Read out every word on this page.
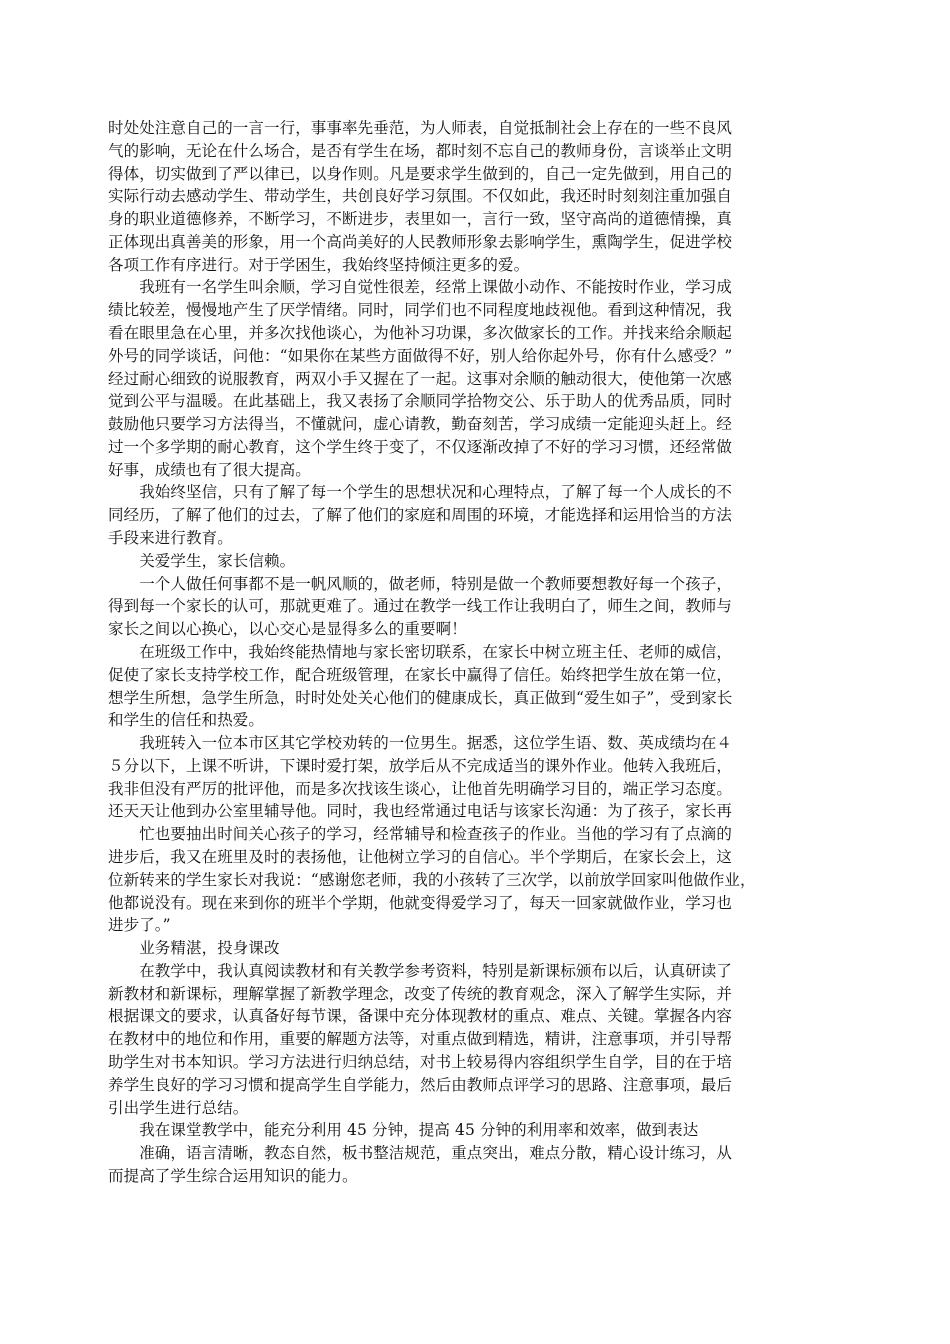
时处处注意自己的一言一行，事事率先垂范，为人师表，自觉抵制社会上存在的一些不良风
气的影响，无论在什么场合，是否有学生在场，都时刻不忘自己的教师身份，言谈举止文明
得体，切实做到了严以律已，以身作则。凡是要求学生做到的，自己一定先做到，用自己的
实际行动去感动学生、带动学生，共创良好学习氛围。不仅如此，我还时时刻刻注重加强自
身的职业道德修养，不断学习，不断进步，表里如一，言行一致，坚守高尚的道德情操，真
正体现出真善美的形象，用一个高尚美好的人民教师形象去影响学生，熏陶学生，促进学校
各项工作有序进行。对于学困生，我始终坚持倾注更多的爱。
　　我班有一名学生叫余顺，学习自觉性很差，经常上课做小动作、不能按时作业，学习成
绩比较差，慢慢地产生了厌学情绪。同时，同学们也不同程度地歧视他。看到这种情况，我
看在眼里急在心里，并多次找他谈心，为他补习功课，多次做家长的工作。并找来给余顺起
外号的同学谈话，问他：“如果你在某些方面做得不好，别人给你起外号，你有什么感受？”
经过耐心细致的说服教育，两双小手又握在了一起。这事对余顺的触动很大，使他第一次感
觉到公平与温暖。在此基础上，我又表扬了余顺同学拾物交公、乐于助人的优秀品质，同时
鼓励他只要学习方法得当，不懂就问，虚心请教，勤奋刻苦，学习成绩一定能迎头赶上。经
过一个多学期的耐心教育，这个学生终于变了，不仅逐渐改掉了不好的学习习惯，还经常做
好事，成绩也有了很大提高。
　　我始终坚信，只有了解了每一个学生的思想状况和心理特点，了解了每一个人成长的不
同经历，了解了他们的过去，了解了他们的家庭和周围的环境，才能选择和运用恰当的方法
手段来进行教育。
　　关爱学生，家长信赖。
　　一个人做任何事都不是一帆风顺的，做老师，特别是做一个教师要想教好每一个孩子，
得到每一个家长的认可，那就更难了。通过在教学一线工作让我明白了，师生之间，教师与
家长之间以心换心，以心交心是显得多么的重要啊！
　　在班级工作中，我始终能热情地与家长密切联系，在家长中树立班主任、老师的威信，
促使了家长支持学校工作，配合班级管理，在家长中赢得了信任。始终把学生放在第一位，
想学生所想，急学生所急，时时处处关心他们的健康成长，真正做到“爱生如子”，受到家长
和学生的信任和热爱。
　　我班转入一位本市区其它学校劝转的一位男生。据悉，这位学生语、数、英成绩均在４
５分以下，上课不听讲，下课时爱打架，放学后从不完成适当的课外作业。他转入我班后，
我非但没有严厉的批评他，而是多次找该生谈心，让他首先明确学习目的，端正学习态度。
还天天让他到办公室里辅导他。同时，我也经常通过电话与该家长沟通：为了孩子，家长再
　　忙也要抽出时间关心孩子的学习，经常辅导和检查孩子的作业。当他的学习有了点滴的
进步后，我又在班里及时的表扬他，让他树立学习的自信心。半个学期后，在家长会上，这
位新转来的学生家长对我说：“感谢您老师，我的小孩转了三次学，以前放学回家叫他做作业，
他都说没有。现在来到你的班半个学期，他就变得爱学习了，每天一回家就做作业，学习也
进步了。”
　　业务精湛，投身课改
　　在教学中，我认真阅读教材和有关教学参考资料，特别是新课标颁布以后，认真研读了
新教材和新课标，理解掌握了新教学理念，改变了传统的教育观念，深入了解学生实际，并
根据课文的要求，认真备好每节课，备课中充分体现教材的重点、难点、关键。掌握各内容
在教材中的地位和作用，重要的解题方法等，对重点做到精选，精讲，注意事项，并引导帮
助学生对书本知识。学习方法进行归纳总结，对书上较易得内容组织学生自学，目的在于培
养学生良好的学习习惯和提高学生自学能力，然后由教师点评学习的思路、注意事项，最后
引出学生进行总结。
　　我在课堂教学中，能充分利用 45 分钟，提高 45 分钟的利用率和效率，做到表达
　　准确，语言清晰，教态自然，板书整洁规范，重点突出，难点分散，精心设计练习，从
而提高了学生综合运用知识的能力。
